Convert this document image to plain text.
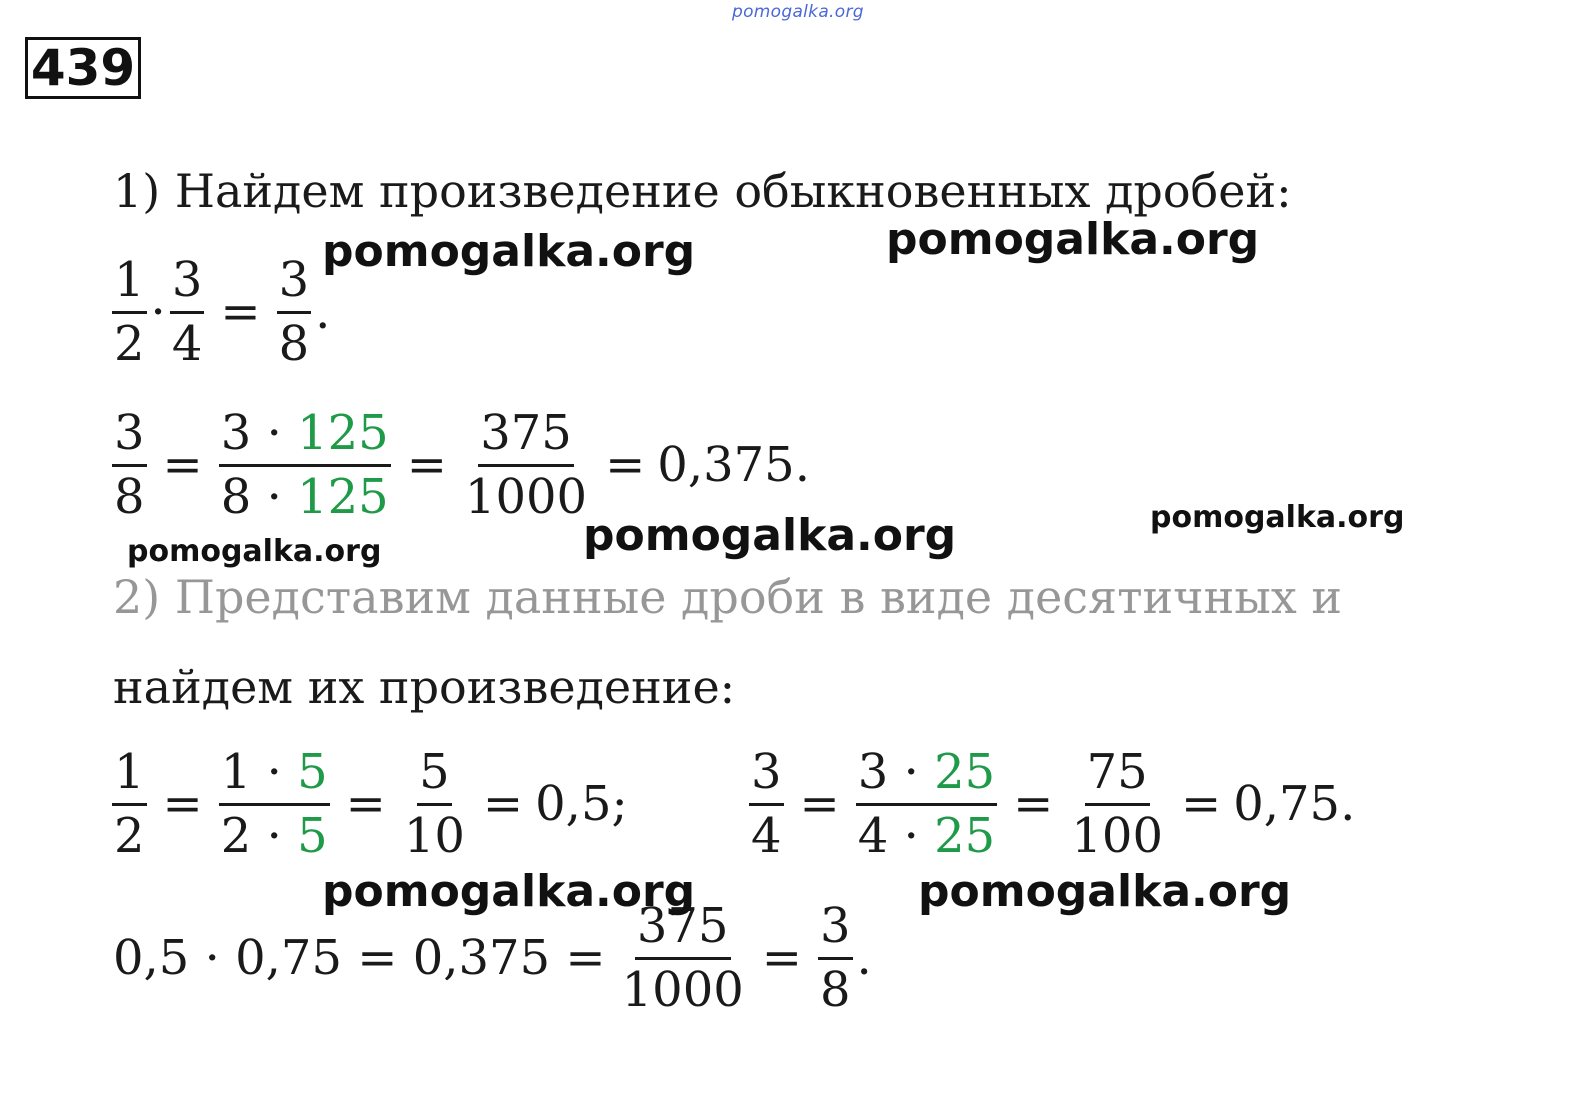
pomogalka.org
439
1) Найдем произведение обыкновенных дробей:
$\frac{1}{2} \cdot \frac{3}{4} = \frac{3}{8}$ .
$\frac{3}{8} = \frac{3 \cdot 125}{8 \cdot 125} = \frac{375}{1000} = 0,375$.
2) Представим данные дроби в виде десятичных и
найдем их произведение:
$\frac{1}{2} = \frac{1 \cdot 5}{2 \cdot 5} = \frac{5}{10} = 0,5$;	$\frac{3}{4} = \frac{3 \cdot 25}{4 \cdot 25} = \frac{75}{100} = 0,75$.
$0,5 \cdot 0,75 = 0,375 = \frac{375}{1000} = \frac{3}{8}$ .
pomogalka.org	pomogalka.org
pomogalka.org	pomogalka.org
pomogalka.org
pomogalka.org	pomogalka.org
